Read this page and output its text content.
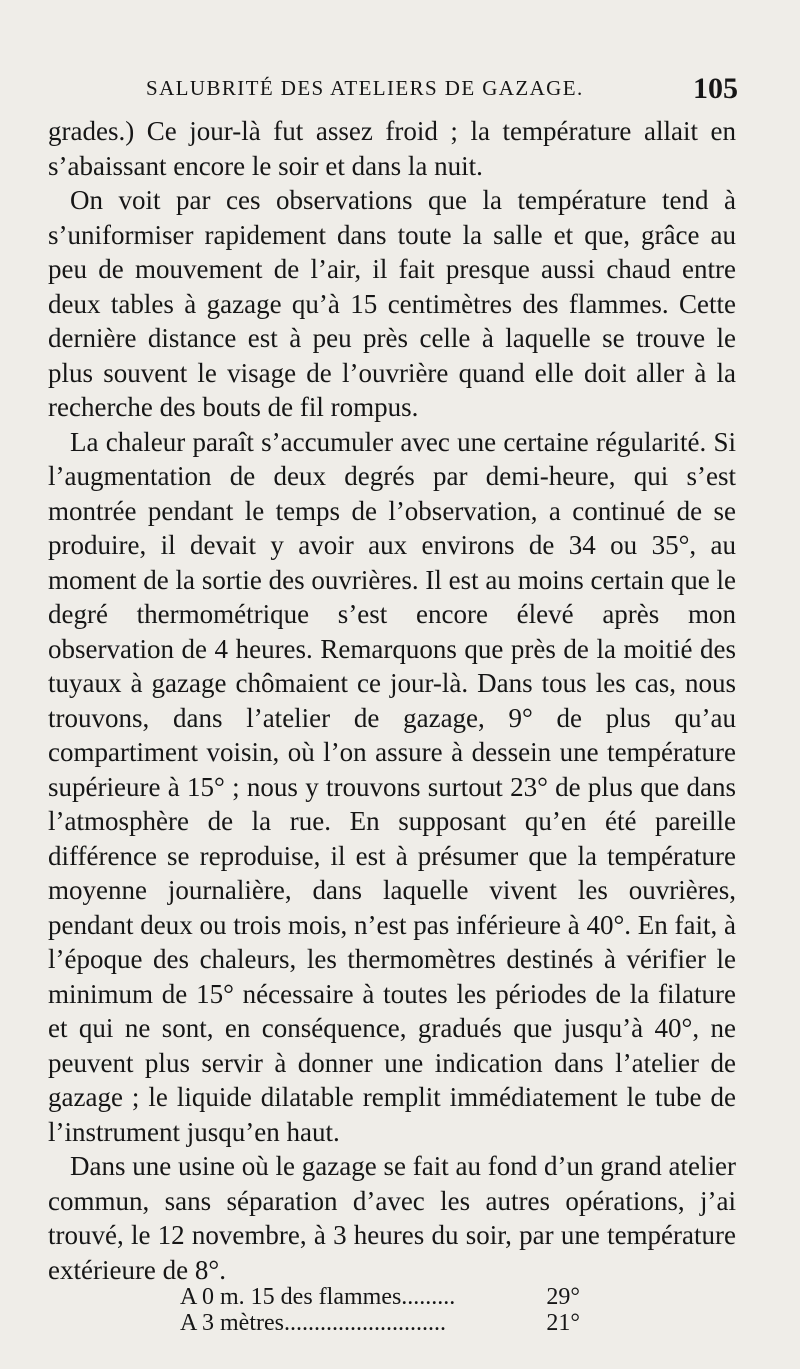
SALUBRITÉ DES ATELIERS DE GAZAGE.	105

grades.) Ce jour-là fut assez froid ; la température allait en s’abaissant encore le soir et dans la nuit.

On voit par ces observations que la température tend à s’uniformiser rapidement dans toute la salle et que, grâce au peu de mouvement de l’air, il fait presque aussi chaud entre deux tables à gazage qu’à 15 centimètres des flammes. Cette dernière distance est à peu près celle à laquelle se trouve le plus souvent le visage de l’ouvrière quand elle doit aller à la recherche des bouts de fil rompus.

La chaleur paraît s’accumuler avec une certaine régularité. Si l’augmentation de deux degrés par demi-heure, qui s’est montrée pendant le temps de l’observation, a continué de se produire, il devait y avoir aux environs de 34 ou 35°, au moment de la sortie des ouvrières. Il est au moins certain que le degré thermométrique s’est encore élevé après mon observation de 4 heures. Remarquons que près de la moitié des tuyaux à gazage chômaient ce jour-là. Dans tous les cas, nous trouvons, dans l’atelier de gazage, 9° de plus qu’au compartiment voisin, où l’on assure à dessein une température supérieure à 15° ; nous y trouvons surtout 23° de plus que dans l’atmosphère de la rue. En supposant qu’en été pareille différence se reproduise, il est à présumer que la température moyenne journalière, dans laquelle vivent les ouvrières, pendant deux ou trois mois, n’est pas inférieure à 40°. En fait, à l’époque des chaleurs, les thermomètres destinés à vérifier le minimum de 15° nécessaire à toutes les périodes de la filature et qui ne sont, en conséquence, gradués que jusqu’à 40°, ne peuvent plus servir à donner une indication dans l’atelier de gazage ; le liquide dilatable remplit immédiatement le tube de l’instrument jusqu’en haut.

Dans une usine où le gazage se fait au fond d’un grand atelier commun, sans séparation d’avec les autres opérations, j’ai trouvé, le 12 novembre, à 3 heures du soir, par une température extérieure de 8°.

A 0 m. 15 des flammes.........	29°
A 3 mètres...........................	21°
